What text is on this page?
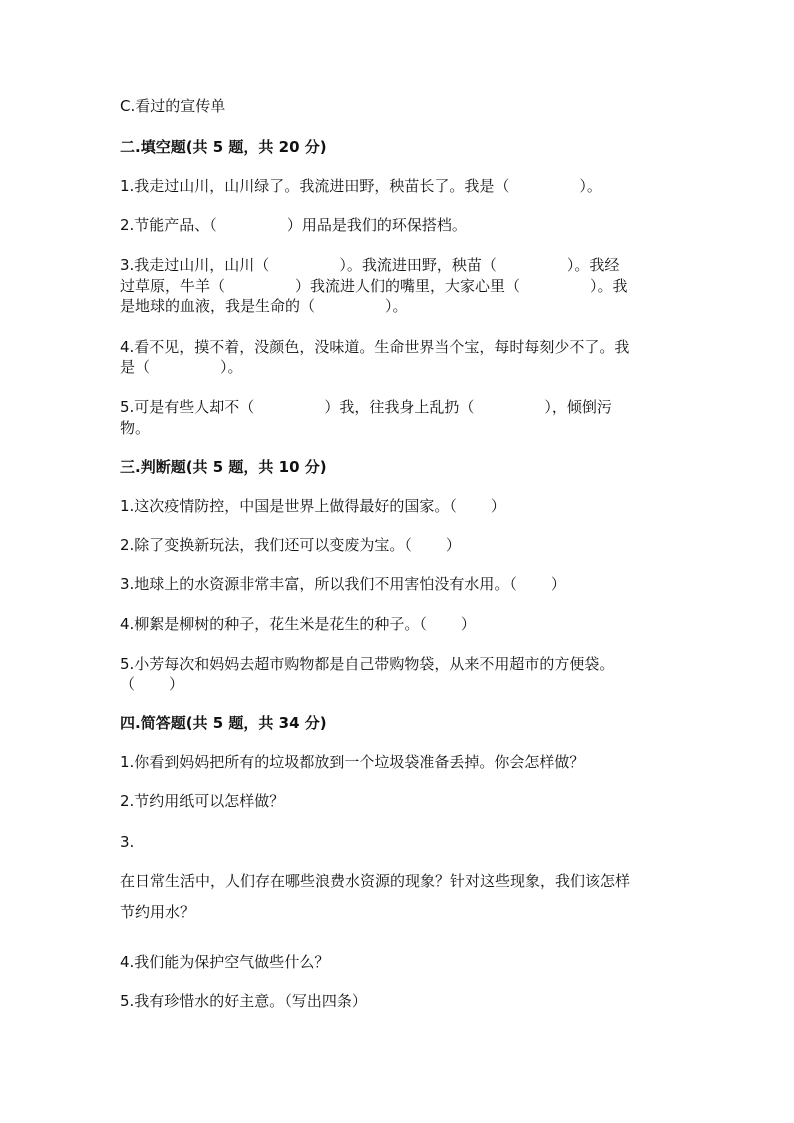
C.看过的宣传单
二.填空题(共 5 题，共 20 分)
1.我走过山川，山川绿了。我流进田野，秧苗长了。我是（	）。
2.节能产品、（	）用品是我们的环保搭档。
3.我走过山川，山川（	）。我流进田野，秧苗（	）。我经
过草原，牛羊（	）我流进人们的嘴里，大家心里（	）。我
是地球的血液，我是生命的（	）。
4.看不见，摸不着，没颜色，没味道。生命世界当个宝，每时每刻少不了。我
是（	）。
5.可是有些人却不（	）我，往我身上乱扔（	），倾倒污
物。
三.判断题(共 5 题，共 10 分)
1.这次疫情防控，中国是世界上做得最好的国家。（ ）
2.除了变换新玩法，我们还可以变废为宝。（ ）
3.地球上的水资源非常丰富，所以我们不用害怕没有水用。（ ）
4.柳絮是柳树的种子，花生米是花生的种子。（ ）
5.小芳每次和妈妈去超市购物都是自己带购物袋，从来不用超市的方便袋。
（ ）
四.简答题(共 5 题，共 34 分)
1.你看到妈妈把所有的垃圾都放到一个垃圾袋准备丢掉。你会怎样做？
2.节约用纸可以怎样做？
3.
在日常生活中，人们存在哪些浪费水资源的现象？针对这些现象，我们该怎样
节约用水？
4.我们能为保护空气做些什么？
5.我有珍惜水的好主意。（写出四条）
